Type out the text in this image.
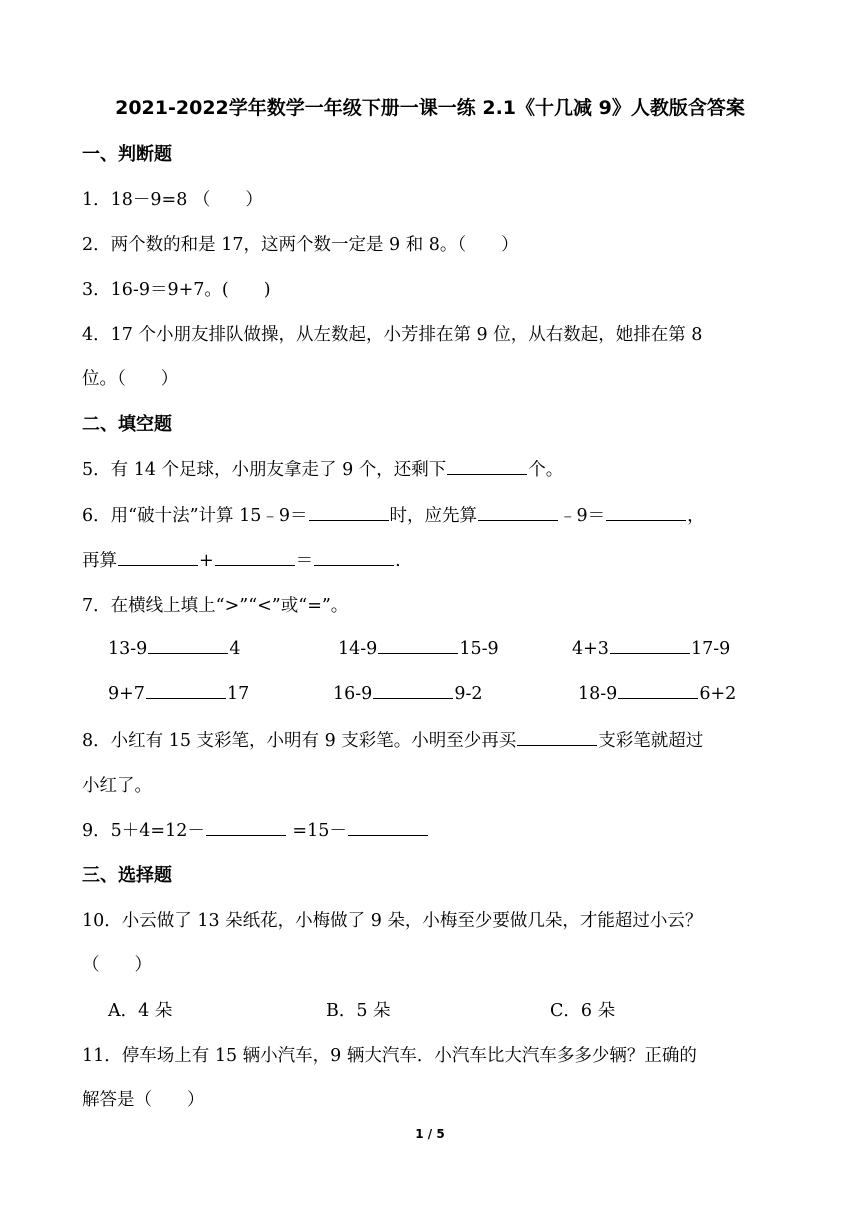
2021-2022学年数学一年级下册一课一练 2.1《十几减 9》人教版含答案
一、判断题
1．18－9=8 （　　）
2．两个数的和是 17，这两个数一定是 9 和 8。（　　）
3．16-9＝9+7。(　　)
4．17 个小朋友排队做操，从左数起，小芳排在第 9 位，从右数起，她排在第 8
位。（　　）
二、填空题
5．有 14 个足球，小朋友拿走了 9 个，还剩下	个。
6．用“破十法”计算 15﹣9＝	时，应先算	﹣9＝	，
再算	+	＝	.
7．在横线上填上“>”“<”或“=”。
13-9	4	14-9	15-9	4+3	17-9
9+7	17	16-9	9-2	18-9	6+2
8．小红有 15 支彩笔，小明有 9 支彩笔。小明至少再买	支彩笔就超过
小红了。
9．5＋4=12－	=15－
三、选择题
10．小云做了 13 朵纸花，小梅做了 9 朵，小梅至少要做几朵，才能超过小云？
（　　）
A．4 朵	B．5 朵	C．6 朵
11．停车场上有 15 辆小汽车，9 辆大汽车．小汽车比大汽车多多少辆？正确的
解答是（　　）
1 / 5
